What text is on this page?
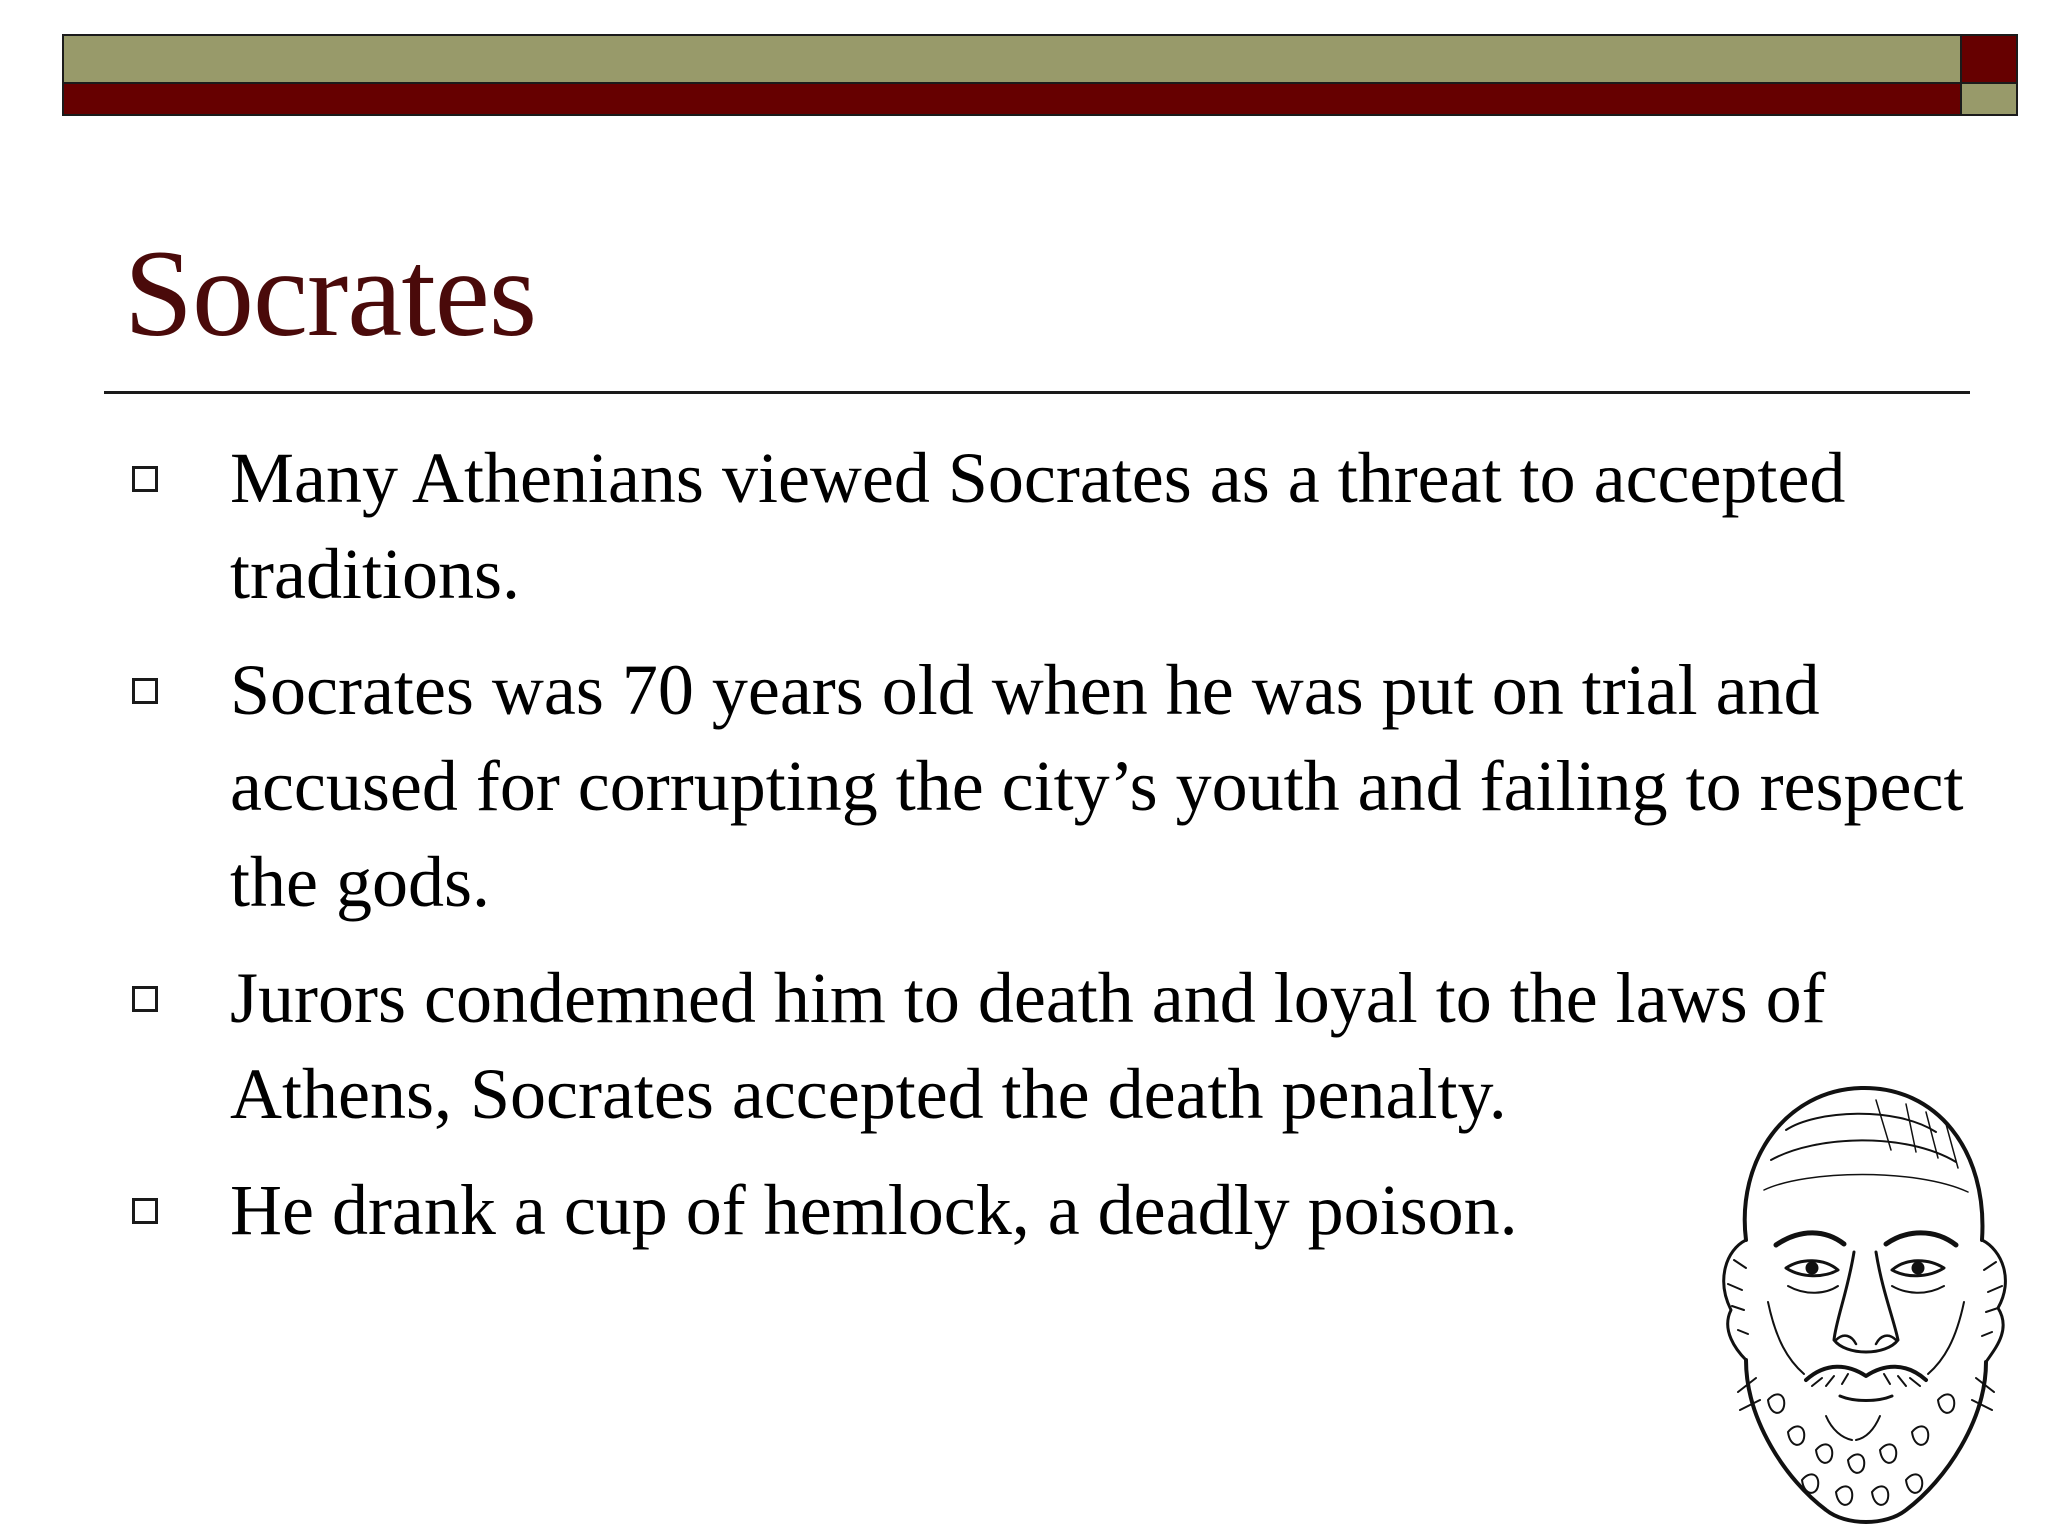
Socrates
Many Athenians viewed Socrates as a threat to accepted traditions.
Socrates was 70 years old when he was put on trial and accused for corrupting the city’s youth and failing to respect the gods.
Jurors condemned him to death and loyal to the laws of Athens, Socrates accepted the death penalty.
He drank a cup of hemlock, a deadly poison.
